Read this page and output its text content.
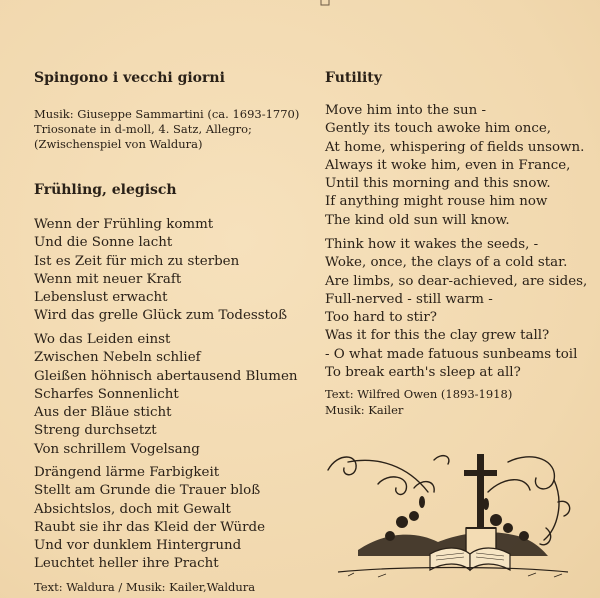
Spingono i vecchi giorni
Musik: Giuseppe Sammartini (ca. 1693-1770)
Triosonate in d-moll, 4. Satz, Allegro;
(Zwischenspiel von Waldura)
Frühling, elegisch
Wenn der Frühling kommt
Und die Sonne lacht
Ist es Zeit für mich zu sterben
Wenn mit neuer Kraft
Lebenslust erwacht
Wird das grelle Glück zum Todesstoß
Wo das Leiden einst
Zwischen Nebeln schlief
Gleißen höhnisch abertausend Blumen
Scharfes Sonnenlicht
Aus der Bläue sticht
Streng durchsetzt
Von schrillem Vogelsang
Drängend lärme Farbigkeit
Stellt am Grunde die Trauer bloß
Absichtslos, doch mit Gewalt
Raubt sie ihr das Kleid der Würde
Und vor dunklem Hintergrund
Leuchtet heller ihre Pracht
Text: Waldura / Musik: Kailer,Waldura
Futility
Move him into the sun -
Gently its touch awoke him once,
At home, whispering of fields unsown.
Always it woke him, even in France,
Until this morning and this snow.
If anything might rouse him now
The kind old sun will know.
Think how it wakes the seeds, -
Woke, once, the clays of a cold star.
Are limbs, so dear-achieved, are sides,
Full-nerved - still warm -
Too hard to stir?
Was it for this the clay grew tall?
- O what made fatuous sunbeams toil
To break earth's sleep at all?
Text: Wilfred Owen (1893-1918)
Musik: Kailer
